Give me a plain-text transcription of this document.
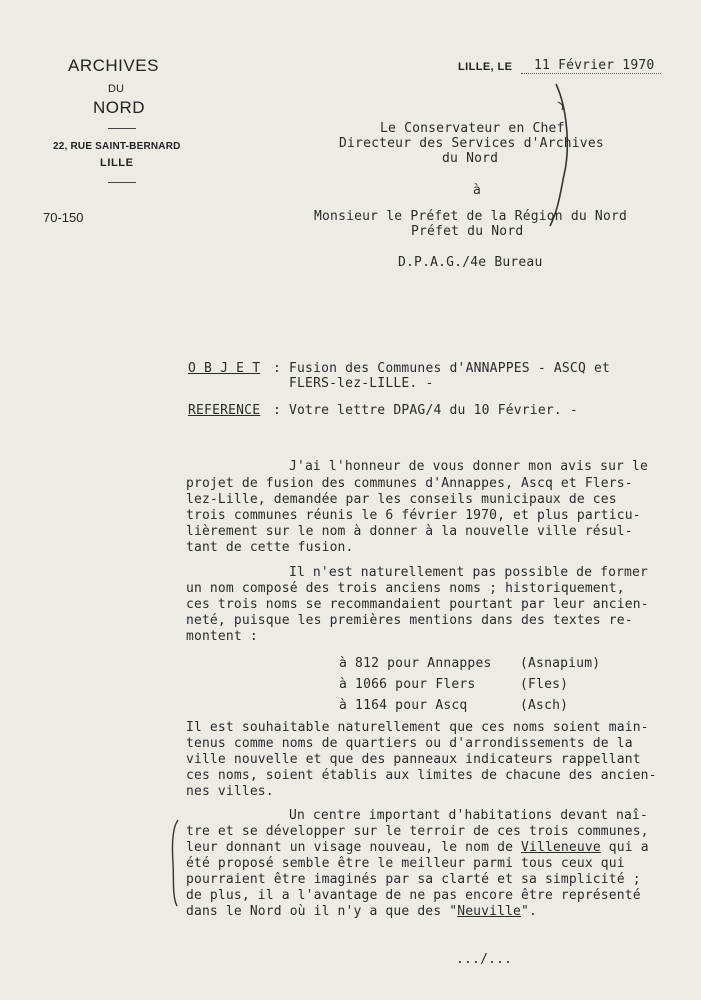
ARCHIVES
DU
NORD
22, RUE SAINT-BERNARD
LILLE
70-150
LILLE, LE 11 Février 1970
Le Conservateur en Chef
Directeur des Services d'Archives
du Nord
à
Monsieur le Préfet de la Région du Nord
Préfet du Nord
D.P.A.G./4e Bureau
O B J E T : Fusion des Communes d'ANNAPPES - ASCQ et
FLERS-lez-LILLE. -
REFERENCE : Votre lettre DPAG/4 du 10 Février. -
J'ai l'honneur de vous donner mon avis sur le
projet de fusion des communes d'Annappes, Ascq et Flers-
lez-Lille, demandée par les conseils municipaux de ces
trois communes réunis le 6 février 1970, et plus particu-
lièrement sur le nom à donner à la nouvelle ville résul-
tant de cette fusion.
Il n'est naturellement pas possible de former
un nom composé des trois anciens noms ; historiquement,
ces trois noms se recommandaient pourtant par leur ancien-
neté, puisque les premières mentions dans des textes re-
montent :
à 812 pour Annappes (Asnapium)
à 1066 pour Flers	(Fles)
à 1164 pour Ascq	(Asch)
Il est souhaitable naturellement que ces noms soient main-
tenus comme noms de quartiers ou d'arrondissements de la
ville nouvelle et que des panneaux indicateurs rappellant
ces noms, soient établis aux limites de chacune des ancien-
nes villes.
Un centre important d'habitations devant naî-
tre et se développer sur le terroir de ces trois communes,
leur donnant un visage nouveau, le nom de Villeneuve qui a
été proposé semble être le meilleur parmi tous ceux qui
pourraient être imaginés par sa clarté et sa simplicité ;
de plus, il a l'avantage de ne pas encore être représenté
dans le Nord où il n'y a que des "Neuville".
.../...
